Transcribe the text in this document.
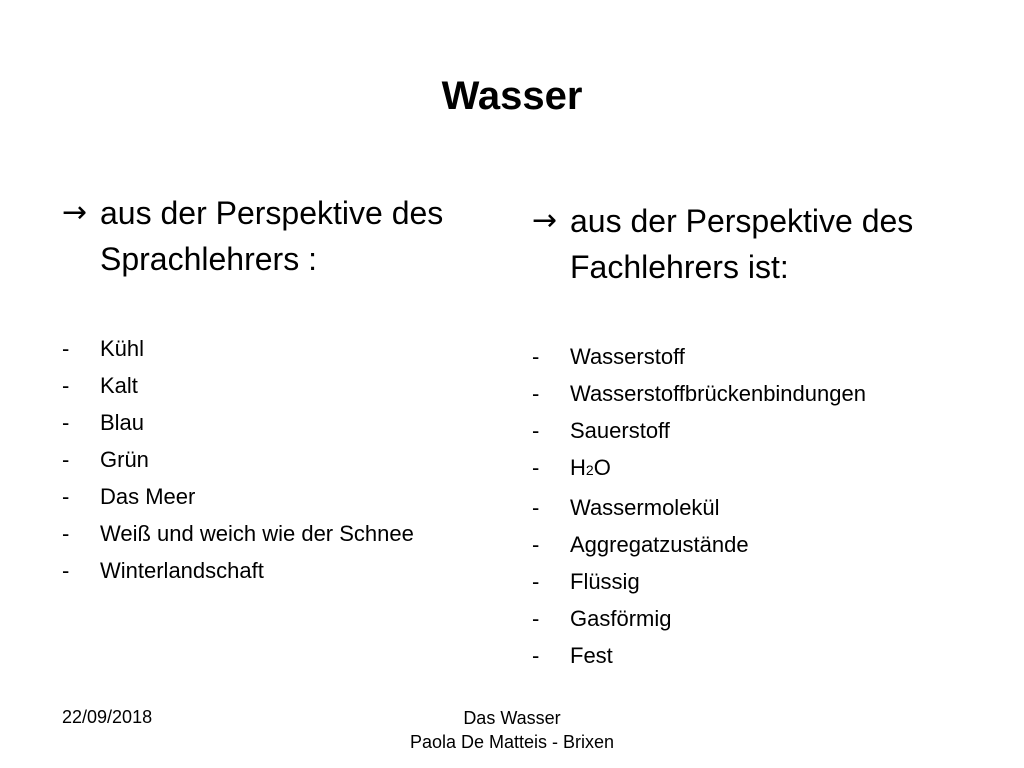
Wasser
→ aus der Perspektive des Sprachlehrers :
- Kühl
- Kalt
- Blau
- Grün
- Das Meer
- Weiß und weich wie der Schnee
- Winterlandschaft
→ aus der Perspektive des Fachlehrers ist:
- Wasserstoff
- Wasserstoffbrückenbindungen
- Sauerstoff
- H2O
- Wassermolekül
- Aggregatzustände
- Flüssig
- Gasförmig
- Fest
22/09/2018	Das Wasser
Paola De Matteis - Brixen
